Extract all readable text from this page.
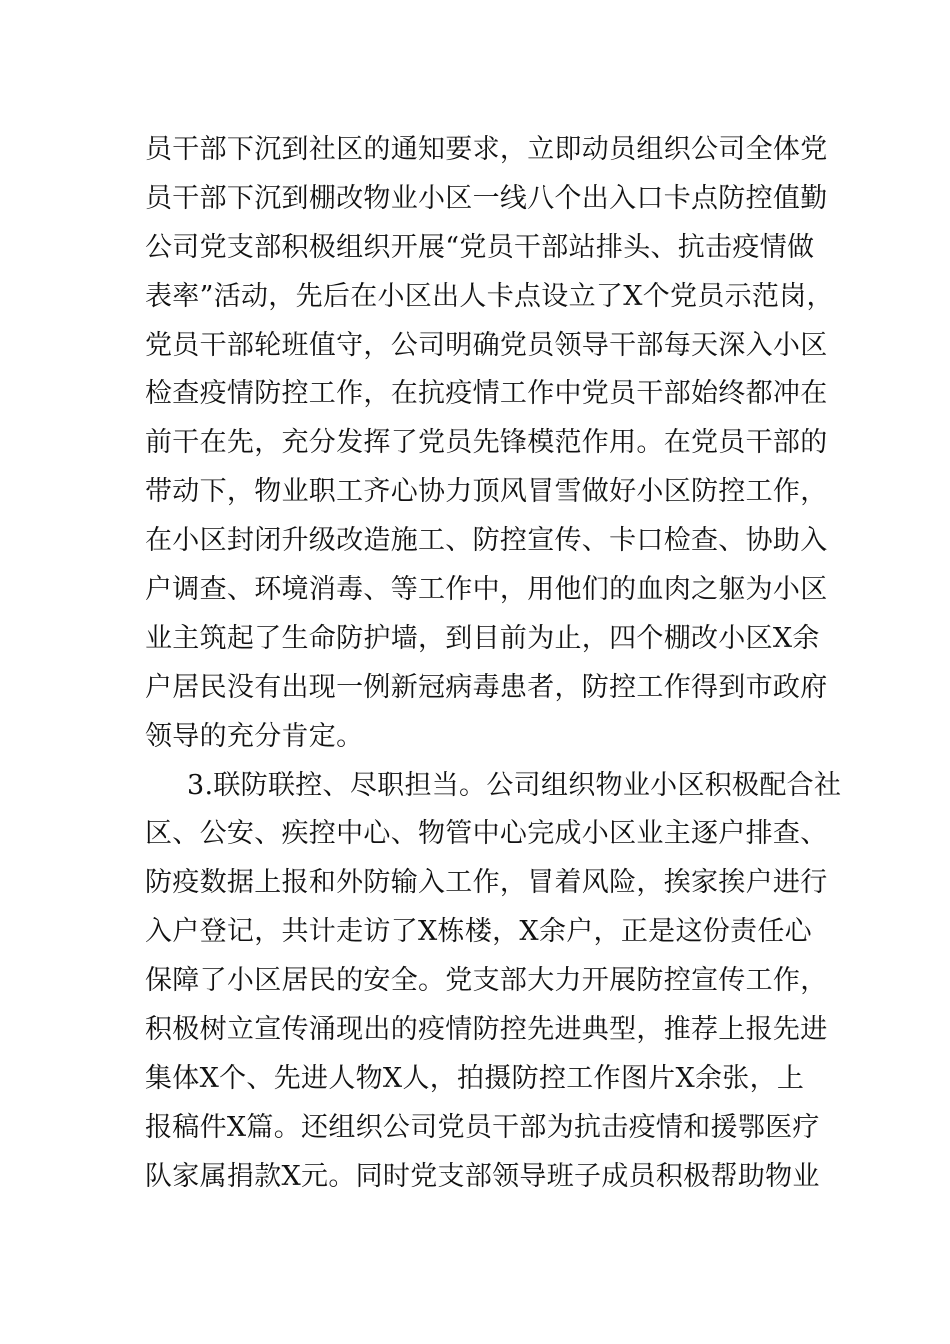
员干部下沉到社区的通知要求，立即动员组织公司全体党
员干部下沉到棚改物业小区一线八个出入口卡点防控值勤
公司党支部积极组织开展“党员干部站排头、抗击疫情做
表率”活动，先后在小区出人卡点设立了X个党员示范岗，
党员干部轮班值守，公司明确党员领导干部每天深入小区
检查疫情防控工作，在抗疫情工作中党员干部始终都冲在
前干在先，充分发挥了党员先锋模范作用。在党员干部的
带动下，物业职工齐心协力顶风冒雪做好小区防控工作，
在小区封闭升级改造施工、防控宣传、卡口检查、协助入
户调查、环境消毒、等工作中，用他们的血肉之躯为小区
业主筑起了生命防护墙，到目前为止，四个棚改小区X余
户居民没有出现一例新冠病毒患者，防控工作得到市政府
领导的充分肯定。
3.联防联控、尽职担当。公司组织物业小区积极配合社
区、公安、疾控中心、物管中心完成小区业主逐户排查、
防疫数据上报和外防输入工作，冒着风险，挨家挨户进行
入户登记，共计走访了X栋楼，X余户，正是这份责任心
保障了小区居民的安全。党支部大力开展防控宣传工作，
积极树立宣传涌现出的疫情防控先进典型，推荐上报先进
集体X个、先进人物X人，拍摄防控工作图片X余张，上
报稿件X篇。还组织公司党员干部为抗击疫情和援鄂医疗
队家属捐款X元。同时党支部领导班子成员积极帮助物业
